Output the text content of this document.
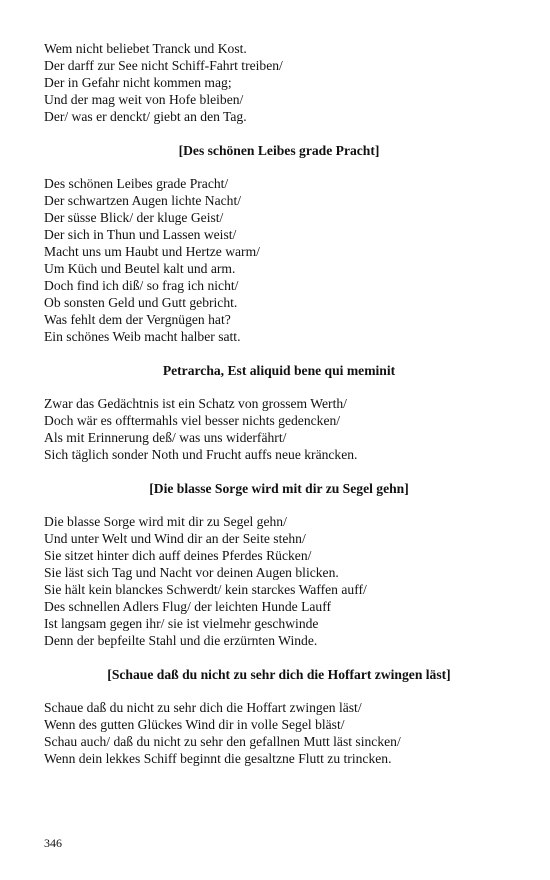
Wem nicht beliebet Tranck und Kost.
Der darff zur See nicht Schiff-Fahrt treiben/
Der in Gefahr nicht kommen mag;
Und der mag weit von Hofe bleiben/
Der/ was er denckt/ giebt an den Tag.
[Des schönen Leibes grade Pracht]
Des schönen Leibes grade Pracht/
Der schwartzen Augen lichte Nacht/
Der süsse Blick/ der kluge Geist/
Der sich in Thun und Lassen weist/
Macht uns um Haubt und Hertze warm/
Um Küch und Beutel kalt und arm.
Doch find ich diß/ so frag ich nicht/
Ob sonsten Geld und Gutt gebricht.
Was fehlt dem der Vergnügen hat?
Ein schönes Weib macht halber satt.
Petrarcha, Est aliquid bene qui meminit
Zwar das Gedächtnis ist ein Schatz von grossem Werth/
Doch wär es offtermahls viel besser nichts gedencken/
Als mit Erinnerung deß/ was uns widerfährt/
Sich täglich sonder Noth und Frucht auffs neue kräncken.
[Die blasse Sorge wird mit dir zu Segel gehn]
Die blasse Sorge wird mit dir zu Segel gehn/
Und unter Welt und Wind dir an der Seite stehn/
Sie sitzet hinter dich auff deines Pferdes Rücken/
Sie läst sich Tag und Nacht vor deinen Augen blicken.
Sie hält kein blanckes Schwerdt/ kein starckes Waffen auff/
Des schnellen Adlers Flug/ der leichten Hunde Lauff
Ist langsam gegen ihr/ sie ist vielmehr geschwinde
Denn der bepfeilte Stahl und die erzürnten Winde.
[Schaue daß du nicht zu sehr dich die Hoffart zwingen läst]
Schaue daß du nicht zu sehr dich die Hoffart zwingen läst/
Wenn des gutten Glückes Wind dir in volle Segel bläst/
Schau auch/ daß du nicht zu sehr den gefallnen Mutt läst sincken/
Wenn dein lekkes Schiff beginnt die gesaltzne Flutt zu trincken.
346
